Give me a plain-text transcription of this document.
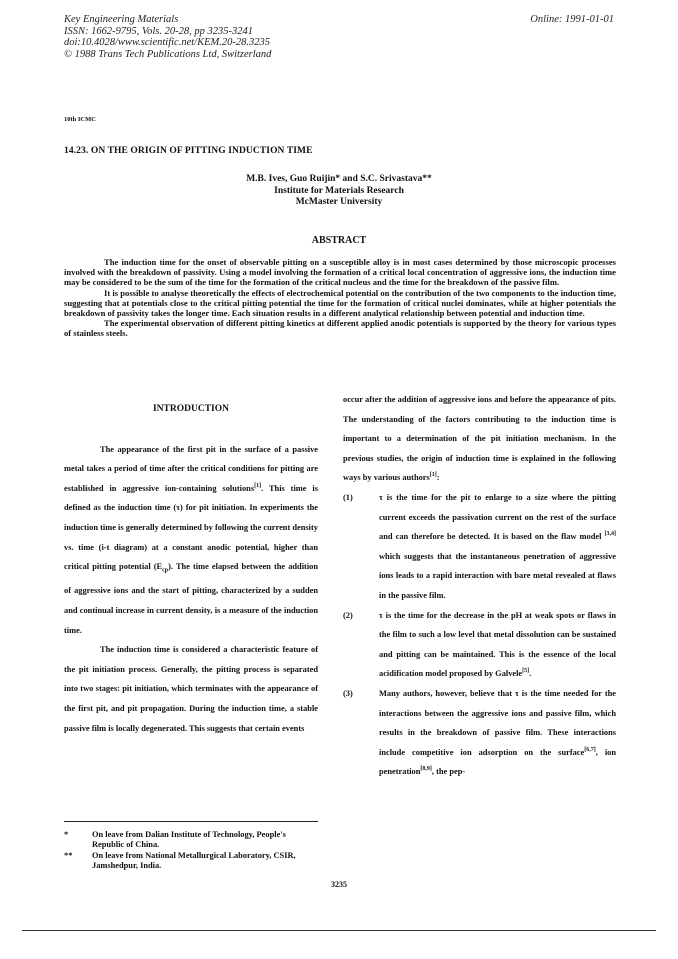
Key Engineering Materials
ISSN: 1662-9795, Vols. 20-28, pp 3235-3241
doi:10.4028/www.scientific.net/KEM.20-28.3235
© 1988 Trans Tech Publications Ltd, Switzerland
Online: 1991-01-01
10th ICMC
14.23. ON THE ORIGIN OF PITTING INDUCTION TIME
M.B. Ives, Guo Ruijin* and S.C. Srivastava**
Institute for Materials Research
McMaster University
ABSTRACT

The induction time for the onset of observable pitting on a susceptible alloy is in most cases determined by those microscopic processes involved with the breakdown of passivity. Using a model involving the formation of a critical local concentration of aggressive ions, the induction time may be considered to be the sum of the time for the formation of the critical nucleus and the time for the breakdown of the passive film.

It is possible to analyse theoretically the effects of electrochemical potential on the contribution of the two components to the induction time, suggesting that at potentials close to the critical pitting potential the time for the formation of critical nuclei dominates, while at higher potentials the breakdown of passivity takes the longer time. Each situation results in a different analytical relationship between potential and induction time.

The experimental observation of different pitting kinetics at different applied anodic potentials is supported by the theory for various types of stainless steels.

INTRODUCTION

The appearance of the first pit in the surface of a passive metal takes a period of time after the critical conditions for pitting are established in aggressive ion-containing solutions[1]. This time is defined as the induction time (τ) for pit initiation. In experiments the induction time is generally determined by following the current density vs. time (i-t diagram) at a constant anodic potential, higher than critical pitting potential $(E_{cp})$. The time elapsed between the addition of aggressive ions and the start of pitting, characterized by a sudden and continual increase in current density, is a measure of the induction time.

The induction time is considered a characteristic feature of the pit initiation process. Generally, the pitting process is separated into two stages: pit initiation, which terminates with the appearance of the first pit, and pit propagation. During the induction time, a stable passive film is locally degenerated. This suggests that certain events

occur after the addition of aggressive ions and before the appearance of pits. The understanding of the factors contributing to the induction time is important to a determination of the pit initiation mechanism. In the previous studies, the origin of induction time is explained in the following ways by various authors[1]:

(1)	τ is the time for the pit to enlarge to a size where the pitting current exceeds the passivation current on the rest of the surface and can therefore be detected. It is based on the flaw model [3,4] which suggests that the instantaneous penetration of aggressive ions leads to a rapid interaction with bare metal revealed at flaws in the passive film.
(2)	τ is the time for the decrease in the pH at weak spots or flaws in the film to such a low level that metal dissolution can be sustained and pitting can be maintained. This is the essence of the local acidification model proposed by Galvele[5].
(3)	Many authors, however, believe that τ is the time needed for the interactions between the aggressive ions and passive film, which results in the breakdown of passive film. These interactions include competitive ion adsorption on the surface[6,7], ion penetration[8,9], the pep-
*	On leave from Dalian Institute of Technology, People's Republic of China.
** On leave from National Metallurgical Laboratory, CSIR, Jamshedpur, India.
3235
